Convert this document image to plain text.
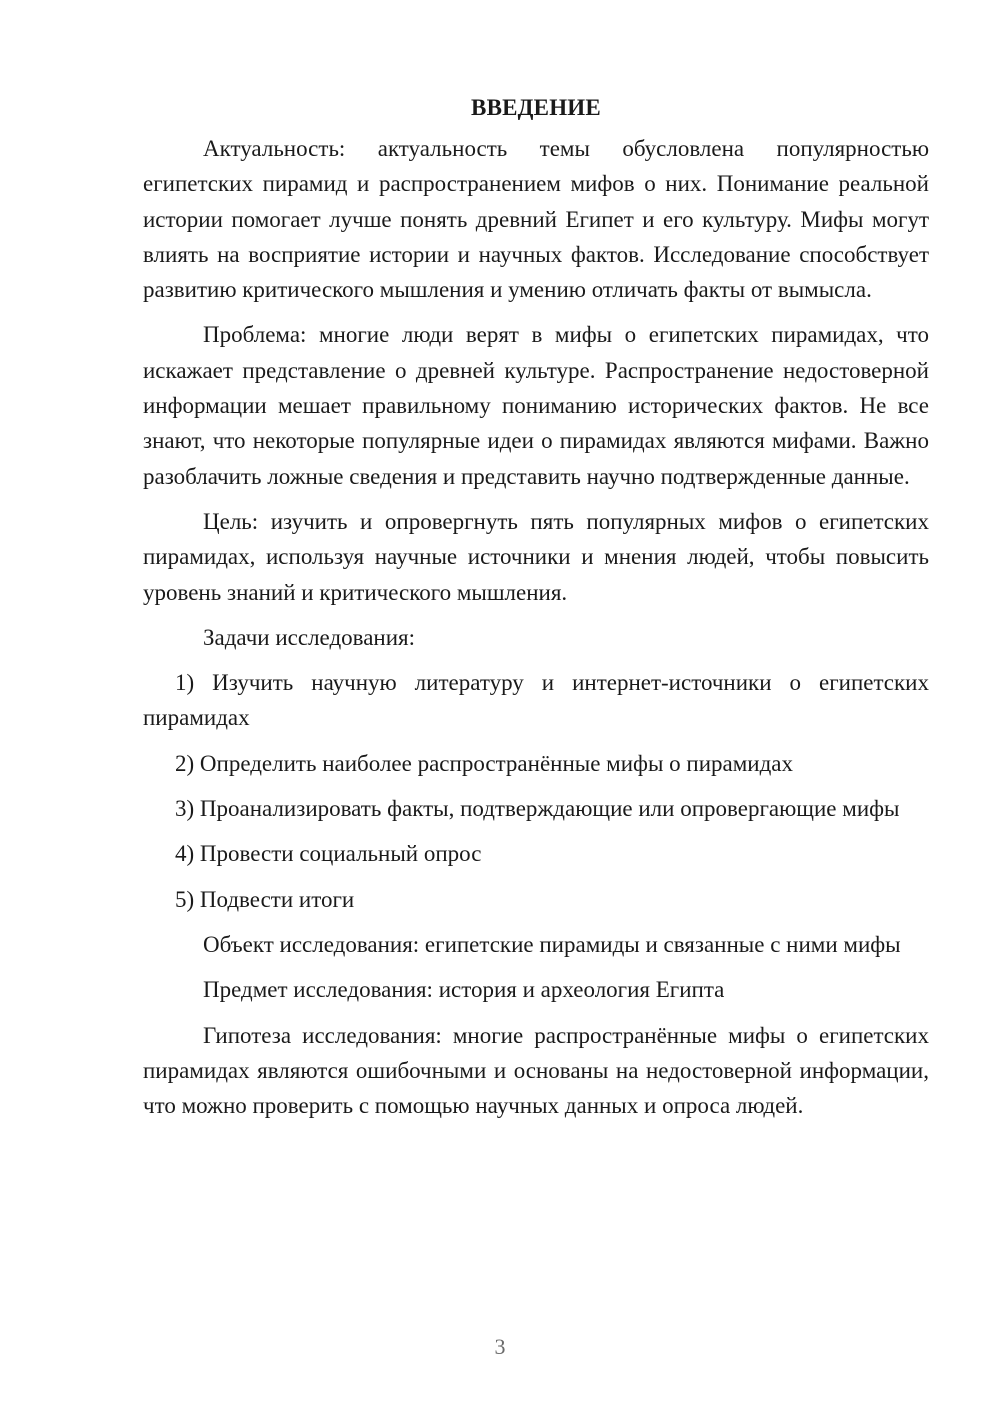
ВВЕДЕНИЕ

Актуальность: актуальность темы обусловлена популярностью египетских пирамид и распространением мифов о них. Понимание реальной истории помогает лучше понять древний Египет и его культуру. Мифы могут влиять на восприятие истории и научных фактов. Исследование способствует развитию критического мышления и умению отличать факты от вымысла.

Проблема: многие люди верят в мифы о египетских пирамидах, что искажает представление о древней культуре. Распространение недостоверной информации мешает правильному пониманию исторических фактов. Не все знают, что некоторые популярные идеи о пирамидах являются мифами. Важно разоблачить ложные сведения и представить научно подтвержденные данные.

Цель: изучить и опровергнуть пять популярных мифов о египетских пирамидах, используя научные источники и мнения людей, чтобы повысить уровень знаний и критического мышления.

Задачи исследования:

1) Изучить научную литературу и интернет-источники о египетских пирамидах

2) Определить наиболее распространённые мифы о пирамидах

3) Проанализировать факты, подтверждающие или опровергающие мифы

4) Провести социальный опрос

5) Подвести итоги

Объект исследования: египетские пирамиды и связанные с ними мифы

Предмет исследования: история и археология Египта

Гипотеза исследования: многие распространённые мифы о египетских пирамидах являются ошибочными и основаны на недостоверной информации, что можно проверить с помощью научных данных и опроса людей.

3
